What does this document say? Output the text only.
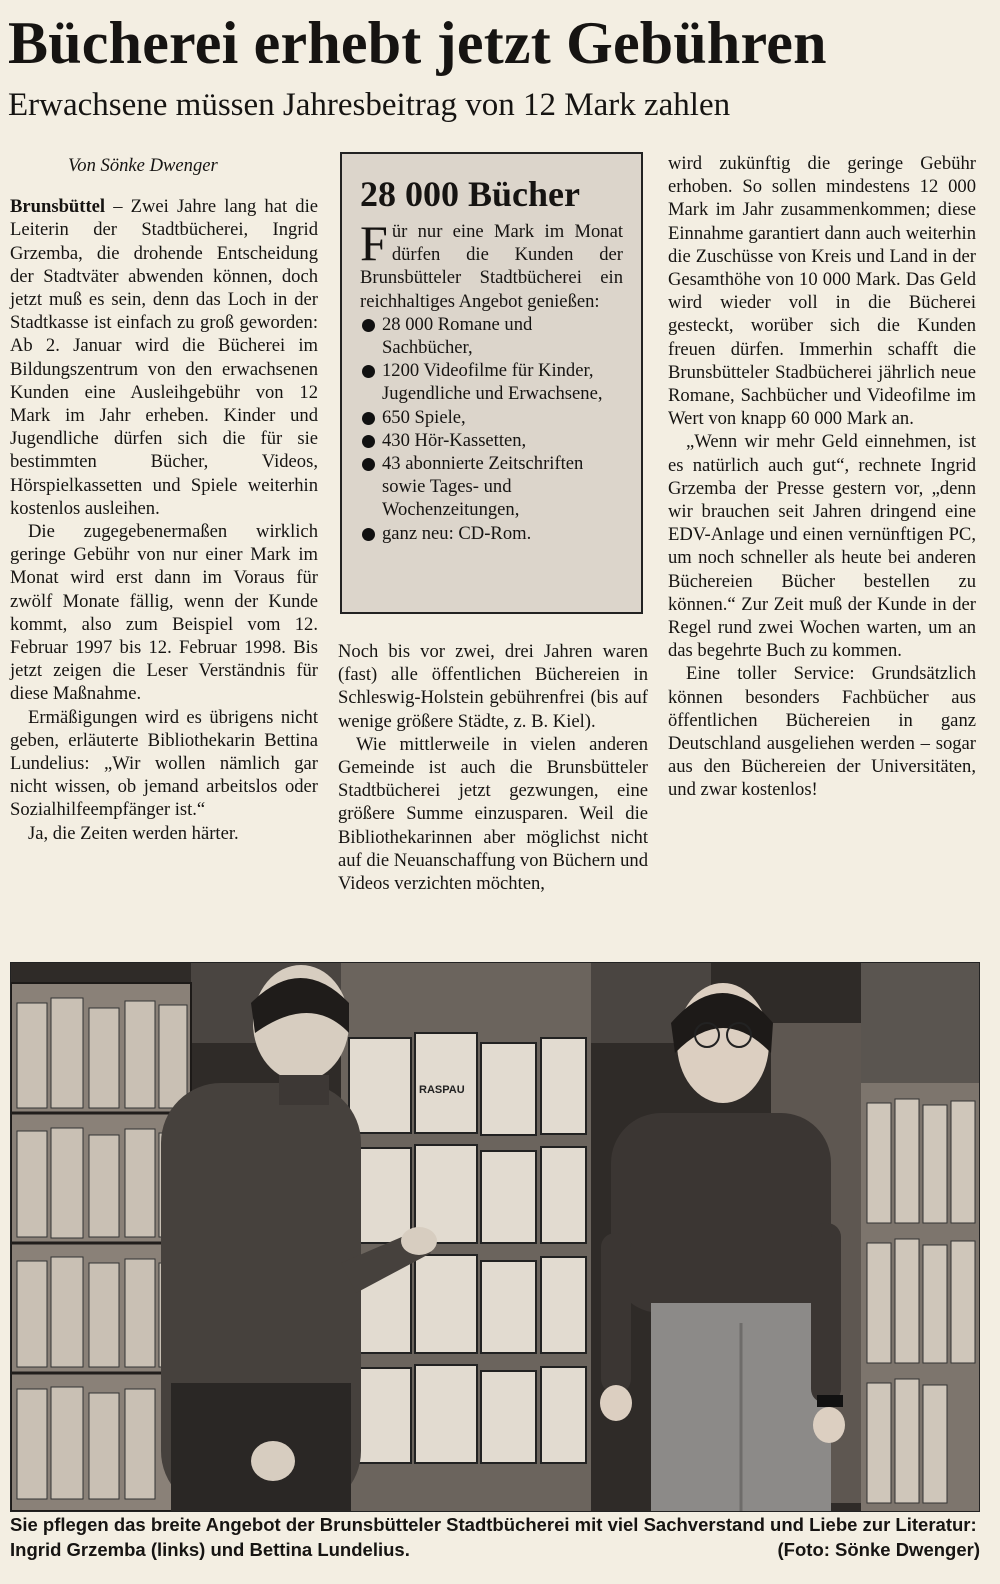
Bücherei erhebt jetzt Gebühren
Erwachsene müssen Jahresbeitrag von 12 Mark zahlen

Von Sönke Dwenger

Brunsbüttel – Zwei Jahre lang hat die Leiterin der Stadtbücherei, Ingrid Grzemba, die drohende Entscheidung der Stadtväter abwenden können, doch jetzt muß es sein, denn das Loch in der Stadtkasse ist einfach zu groß geworden: Ab 2. Januar wird die Bücherei im Bildungszentrum von den erwachsenen Kunden eine Ausleihgebühr von 12 Mark im Jahr erheben. Kinder und Jugendliche dürfen sich die für sie bestimmten Bücher, Videos, Hörspielkassetten und Spiele weiterhin kostenlos ausleihen.

Die zugegebenermaßen wirklich geringe Gebühr von nur einer Mark im Monat wird erst dann im Voraus für zwölf Monate fällig, wenn der Kunde kommt, also zum Beispiel vom 12. Februar 1997 bis 12. Februar 1998. Bis jetzt zeigen die Leser Verständnis für diese Maßnahme.

Ermäßigungen wird es übrigens nicht geben, erläuterte Bibliothekarin Bettina Lundelius: „Wir wollen nämlich gar nicht wissen, ob jemand arbeitslos oder Sozialhilfeempfänger ist.“

Ja, die Zeiten werden härter.

28 000 Bücher

Für nur eine Mark im Monat dürfen die Kunden der Brunsbütteler Stadtbücherei ein reichhaltiges Angebot genießen:

28 000 Romane und Sachbücher,
1200 Videofilme für Kinder, Jugendliche und Erwachsene,
650 Spiele,
430 Hör-Kassetten,
43 abonnierte Zeitschriften sowie Tages- und Wochenzeitungen,
ganz neu: CD-Rom.

Noch bis vor zwei, drei Jahren waren (fast) alle öffentlichen Büchereien in Schleswig-Holstein gebührenfrei (bis auf wenige größere Städte, z. B. Kiel).

Wie mittlerweile in vielen anderen Gemeinde ist auch die Brunsbütteler Stadtbücherei jetzt gezwungen, eine größere Summe einzusparen. Weil die Bibliothekarinnen aber möglichst nicht auf die Neuanschaffung von Büchern und Videos verzichten möchten,

wird zukünftig die geringe Gebühr erhoben. So sollen mindestens 12 000 Mark im Jahr zusammenkommen; diese Einnahme garantiert dann auch weiterhin die Zuschüsse von Kreis und Land in der Gesamthöhe von 10 000 Mark. Das Geld wird wieder voll in die Bücherei gesteckt, worüber sich die Kunden freuen dürfen. Immerhin schafft die Brunsbütteler Stadbücherei jährlich neue Romane, Sachbücher und Videofilme im Wert von knapp 60 000 Mark an.

„Wenn wir mehr Geld einnehmen, ist es natürlich auch gut“, rechnete Ingrid Grzemba der Presse gestern vor, „denn wir brauchen seit Jahren dringend eine EDV-Anlage und einen vernünftigen PC, um noch schneller als heute bei anderen Büchereien Bücher bestellen zu können.“ Zur Zeit muß der Kunde in der Regel rund zwei Wochen warten, um an das begehrte Buch zu kommen.

Eine toller Service: Grundsätzlich können besonders Fachbücher aus öffentlichen Büchereien in ganz Deutschland ausgeliehen werden – sogar aus den Büchereien der Universitäten, und zwar kostenlos!

RASPAU

Sie pflegen das breite Angebot der Brunsbütteler Stadtbücherei mit viel Sachverstand und Liebe zur Literatur: Ingrid Grzemba (links) und Bettina Lundelius.	(Foto: Sönke Dwenger)
